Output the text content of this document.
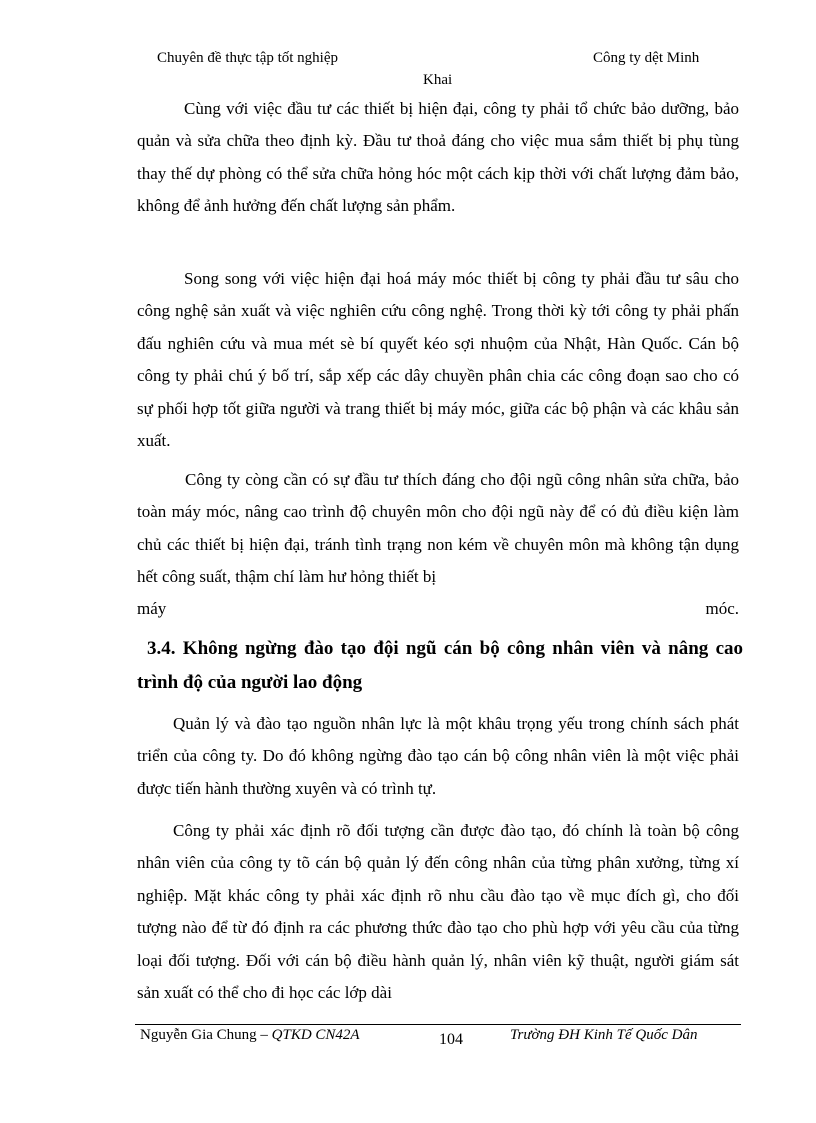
Chuyên đề thực tập tốt nghiệp	Công ty dệt Minh
Khai

Cùng với việc đầu tư các thiết bị hiện đại, công ty phải tổ chức bảo dưỡng, bảo quản và sửa chữa theo định kỳ. Đầu tư thoả đáng cho việc mua sắm thiết bị phụ tùng thay thế dự phòng có thể sửa chữa hỏng hóc một cách kịp thời với chất lượng đảm bảo, không để ảnh hưởng đến chất lượng sản phẩm.

Song song với việc hiện đại hoá máy móc thiết bị công ty phải đầu tư sâu cho công nghệ sản xuất và việc nghiên cứu công nghệ. Trong thời kỳ tới công ty phải phấn đấu nghiên cứu và mua mét sè bí quyết kéo sợi nhuộm của Nhật, Hàn Quốc. Cán bộ công ty phải chú ý bố trí, sắp xếp các dây chuyền phân chia các công đoạn sao cho có sự phối hợp tốt giữa người và trang thiết bị máy móc, giữa các bộ phận và các khâu sản xuất.

Công ty còng cần có sự đầu tư thích đáng cho đội ngũ công nhân sửa chữa, bảo toàn máy móc, nâng cao trình độ chuyên môn cho đội ngũ này để có đủ điều kiện làm chủ các thiết bị hiện đại, tránh tình trạng non kém về chuyên môn mà không tận dụng hết công suất, thậm chí làm hư hỏng thiết bị

máy	móc.
3.4. Không ngừng đào tạo đội ngũ cán bộ công nhân viên và nâng cao trình độ của người lao động

Quản lý và đào tạo nguồn nhân lực là một khâu trọng yếu trong chính sách phát triển của công ty. Do đó không ngừng đào tạo cán bộ công nhân viên là một việc phải được tiến hành thường xuyên và có trình tự.

Công ty phải xác định rõ đối tượng cần được đào tạo, đó chính là toàn bộ công nhân viên của công ty tõ cán bộ quản lý đến công nhân của từng phân xưởng, từng xí nghiệp. Mặt khác công ty phải xác định rõ nhu cầu đào tạo về mục đích gì, cho đối tượng nào để từ đó định ra các phương thức đào tạo cho phù hợp với yêu cầu của từng loại đối tượng. Đối với cán bộ điều hành quản lý, nhân viên kỹ thuật, người giám sát sản xuất có thể cho đi học các lớp dài

Nguyễn Gia Chung – QTKD CN42A	104	Trường ĐH Kinh Tế Quốc Dân
